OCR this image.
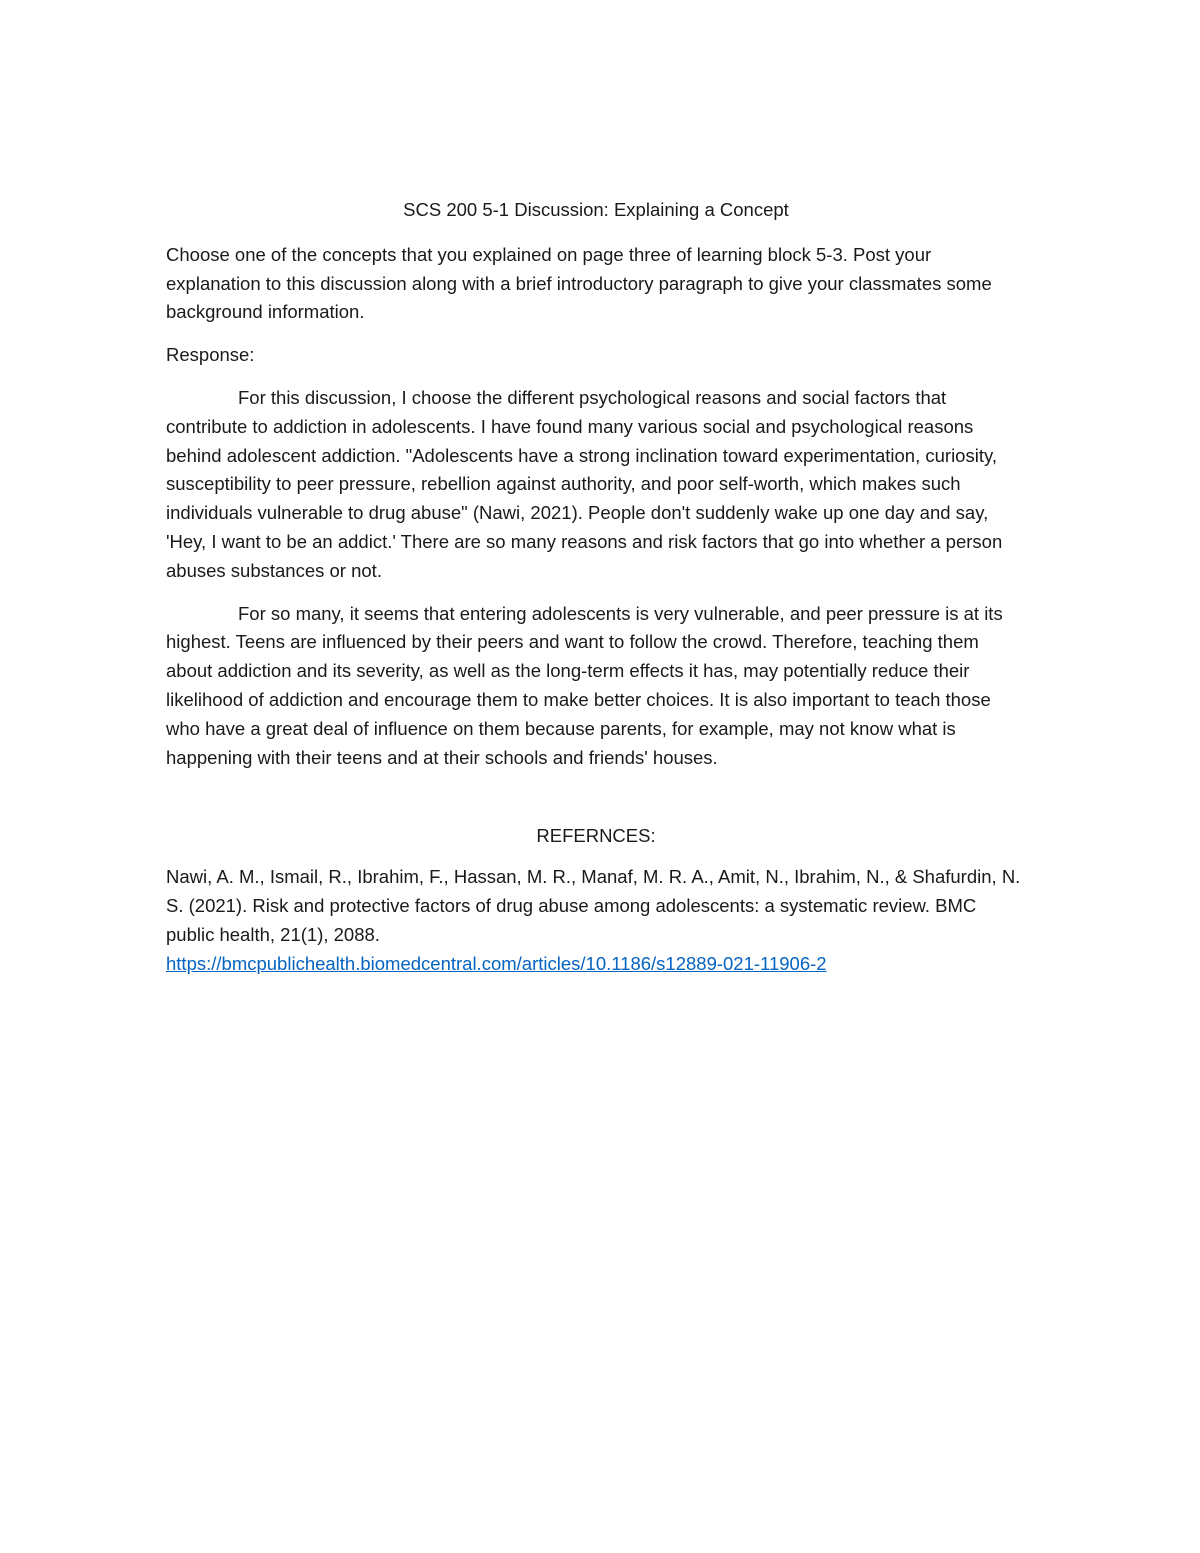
SCS 200 5-1 Discussion: Explaining a Concept

Choose one of the concepts that you explained on page three of learning block 5-3. Post your explanation to this discussion along with a brief introductory paragraph to give your classmates some background information.

Response:

For this discussion, I choose the different psychological reasons and social factors that contribute to addiction in adolescents. I have found many various social and psychological reasons behind adolescent addiction. "Adolescents have a strong inclination toward experimentation, curiosity, susceptibility to peer pressure, rebellion against authority, and poor self-worth, which makes such individuals vulnerable to drug abuse" (Nawi, 2021). People don't suddenly wake up one day and say, 'Hey, I want to be an addict.' There are so many reasons and risk factors that go into whether a person abuses substances or not.

For so many, it seems that entering adolescents is very vulnerable, and peer pressure is at its highest. Teens are influenced by their peers and want to follow the crowd. Therefore, teaching them about addiction and its severity, as well as the long-term effects it has, may potentially reduce their likelihood of addiction and encourage them to make better choices. It is also important to teach those who have a great deal of influence on them because parents, for example, may not know what is happening with their teens and at their schools and friends' houses.

REFERNCES:

Nawi, A. M., Ismail, R., Ibrahim, F., Hassan, M. R., Manaf, M. R. A., Amit, N., Ibrahim, N., & Shafurdin, N. S. (2021). Risk and protective factors of drug abuse among adolescents: a systematic review. BMC public health, 21(1), 2088.
https://bmcpublichealth.biomedcentral.com/articles/10.1186/s12889-021-11906-2
